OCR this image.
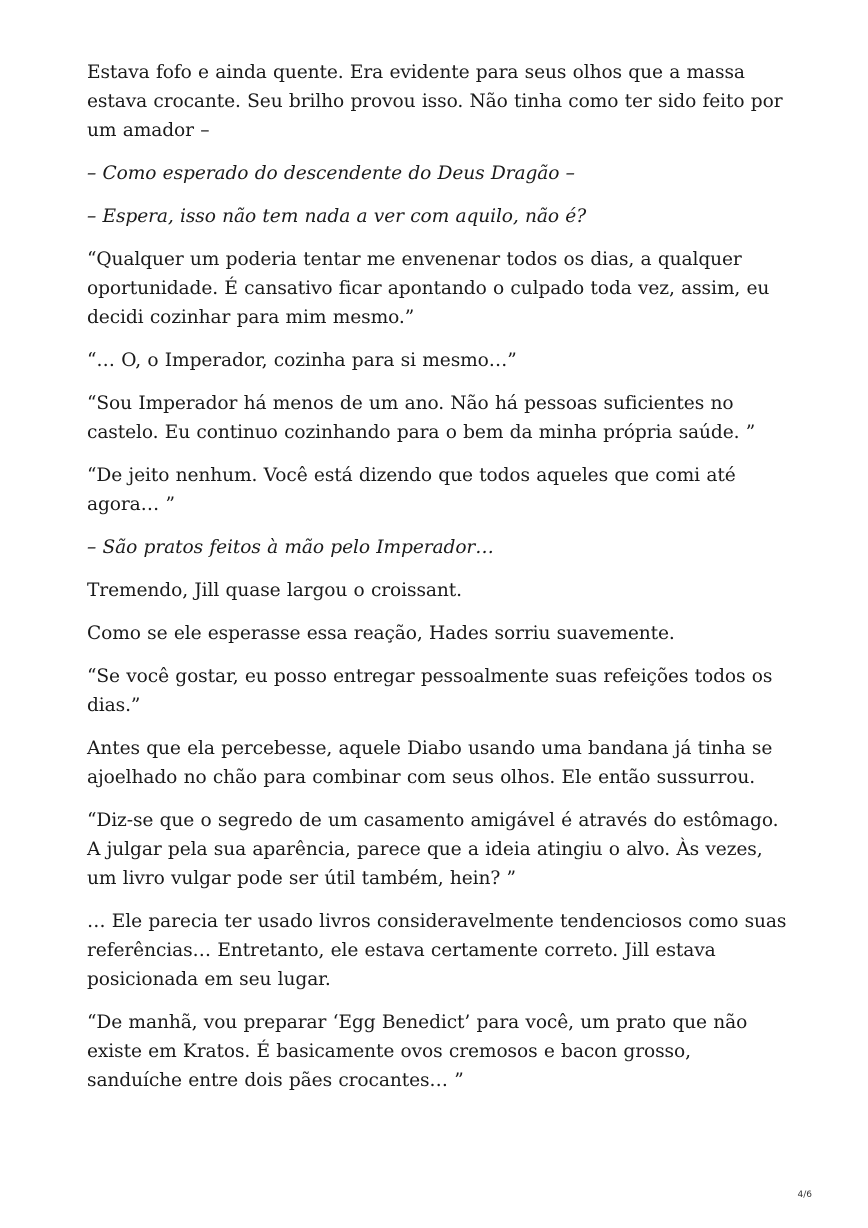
Estava fofo e ainda quente. Era evidente para seus olhos que a massa estava crocante. Seu brilho provou isso. Não tinha como ter sido feito por um amador –

– Como esperado do descendente do Deus Dragão –

– Espera, isso não tem nada a ver com aquilo, não é?

“Qualquer um poderia tentar me envenenar todos os dias, a qualquer oportunidade. É cansativo ficar apontando o culpado toda vez, assim, eu decidi cozinhar para mim mesmo.”

“… O, o Imperador, cozinha para si mesmo…”

“Sou Imperador há menos de um ano. Não há pessoas suficientes no castelo. Eu continuo cozinhando para o bem da minha própria saúde. ”

“De jeito nenhum. Você está dizendo que todos aqueles que comi até agora… ”

– São pratos feitos à mão pelo Imperador…

Tremendo, Jill quase largou o croissant.

Como se ele esperasse essa reação, Hades sorriu suavemente.

“Se você gostar, eu posso entregar pessoalmente suas refeições todos os dias.”

Antes que ela percebesse, aquele Diabo usando uma bandana já tinha se ajoelhado no chão para combinar com seus olhos. Ele então sussurrou.

“Diz-se que o segredo de um casamento amigável é através do estômago. A julgar pela sua aparência, parece que a ideia atingiu o alvo. Às vezes, um livro vulgar pode ser útil também, hein? ”

… Ele parecia ter usado livros consideravelmente tendenciosos como suas referências… Entretanto, ele estava certamente correto. Jill estava posicionada em seu lugar.

“De manhã, vou preparar ‘Egg Benedict’ para você, um prato que não existe em Kratos. É basicamente ovos cremosos e bacon grosso, sanduíche entre dois pães crocantes… ”

4/6
